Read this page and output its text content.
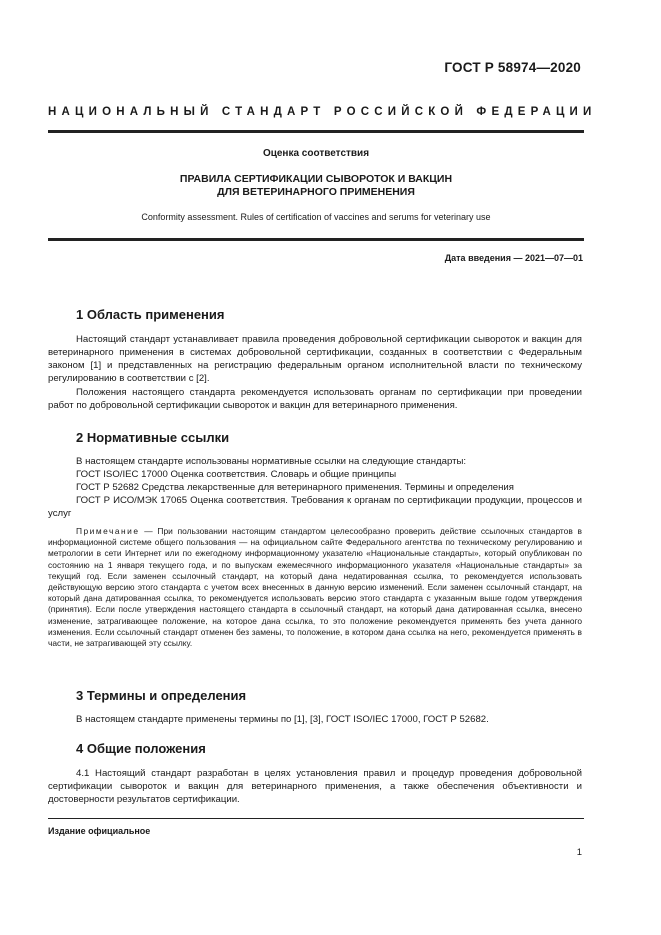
ГОСТ Р 58974—2020
НАЦИОНАЛЬНЫЙ СТАНДАРТ РОССИЙСКОЙ ФЕДЕРАЦИИ
Оценка соответствия
ПРАВИЛА СЕРТИФИКАЦИИ СЫВОРОТОК И ВАКЦИН
ДЛЯ ВЕТЕРИНАРНОГО ПРИМЕНЕНИЯ
Conformity assessment. Rules of certification of vaccines and serums for veterinary use
Дата введения — 2021—07—01
1 Область применения

Настоящий стандарт устанавливает правила проведения добровольной сертификации сывороток и вакцин для ветеринарного применения в системах добровольной сертификации, созданных в соответствии с Федеральным законом [1] и представленных на регистрацию федеральным органом исполнительной власти по техническому регулированию в соответствии с [2].

Положения настоящего стандарта рекомендуется использовать органам по сертификации при проведении работ по добровольной сертификации сывороток и вакцин для ветеринарного применения.

2 Нормативные ссылки
В настоящем стандарте использованы нормативные ссылки на следующие стандарты:
ГОСТ ISO/IEC 17000 Оценка соответствия. Словарь и общие принципы
ГОСТ Р 52682 Средства лекарственные для ветеринарного применения. Термины и определения

ГОСТ Р ИСО/МЭК 17065 Оценка соответствия. Требования к органам по сертификации продукции, процессов и услуг

Примечание — При пользовании настоящим стандартом целесообразно проверить действие ссылочных стандартов в информационной системе общего пользования — на официальном сайте Федерального агентства по техническому регулированию и метрологии в сети Интернет или по ежегодному информационному указателю «Национальные стандарты», который опубликован по состоянию на 1 января текущего года, и по выпускам ежемесячного информационного указателя «Национальные стандарты» за текущий год. Если заменен ссылочный стандарт, на который дана недатированная ссылка, то рекомендуется использовать действующую версию этого стандарта с учетом всех внесенных в данную версию изменений. Если заменен ссылочный стандарт, на который дана датированная ссылка, то рекомендуется использовать версию этого стандарта с указанным выше годом утверждения (принятия). Если после утверждения настоящего стандарта в ссылочный стандарт, на который дана датированная ссылка, внесено изменение, затрагивающее положение, на которое дана ссылка, то это положение рекомендуется применять без учета данного изменения. Если ссылочный стандарт отменен без замены, то положение, в котором дана ссылка на него, рекомендуется применять в части, не затрагивающей эту ссылку.

3 Термины и определения
В настоящем стандарте применены термины по [1], [3], ГОСТ ISO/IEC 17000, ГОСТ Р 52682.
4 Общие положения

4.1 Настоящий стандарт разработан в целях установления правил и процедур проведения добровольной сертификации сывороток и вакцин для ветеринарного применения, а также обеспечения объективности и достоверности результатов сертификации.

Издание официальное
1
